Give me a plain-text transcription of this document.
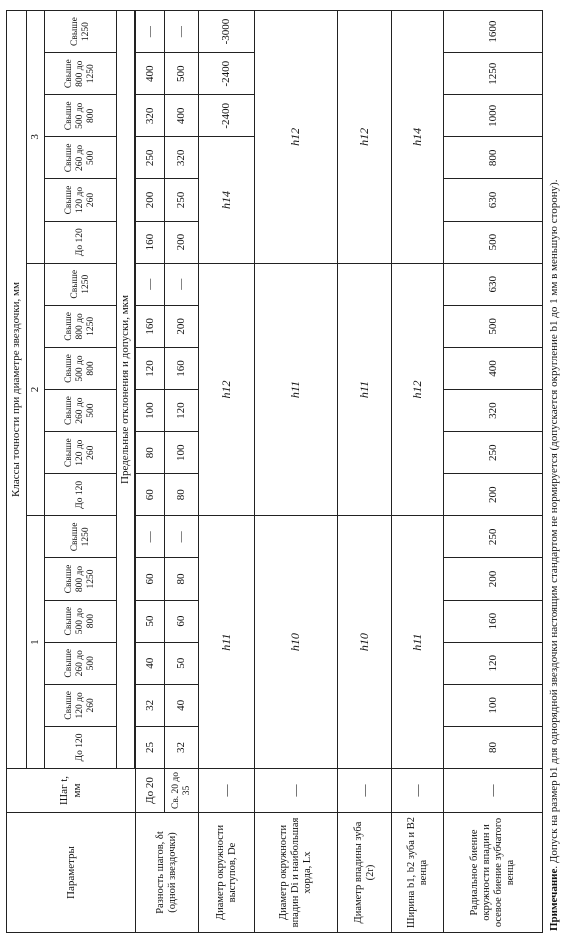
Параметры	Шаг t, мм	Классы точности при диаметре звездочки, мм																	
		1						2						3					
		До 120	Свыше 120 до 260	Свыше 260 до 500	Свыше 500 до 800	Свыше 800 до 1250	Свыше 1250	До 120	Свыше 120 до 260	Свыше 260 до 500	Свыше 500 до 800	Свыше 800 до 1250	Свыше 1250	До 120	Свыше 120 до 260	Свыше 260 до 500	Свыше 500 до 800	Свыше 800 до 1250	Свыше 1250
		Предельные отклонения и допуски, мкм																	

Разность шагов, δt (одной звездочки)	До 20	25	32	40	50	60	—	60	80	100	120	160	—	160	200	250	320	400	—
	Св. 20 до 35	32	40	50	60	80	—	80	100	120	160	200	—	200	250	320	400	500	—
Диаметр окружности выступов, De	—	h11						h12						h14			-2400	-2400	-3000
Диаметр окружности впадин Di и наибольшая хорда, Lx	—	h10						h11						h12					
Диаметр впадины зуба (2r)	—	h10						h11						h12					
Ширина b1, b2 зуба и B2 венца	—	h11						h12						h14					
Радиальное биение окружности впадин и осевое биение зубчатого венца	—	80	100	120	160	200	250	200	250	320	400	500	630	500	630	800	1000	1250	1600
Примечание. Допуск на размер b1 для однорядной звездочки настоящим стандартом не нормируется (допускается округление b1 до 1 мм в меньшую сторону).
